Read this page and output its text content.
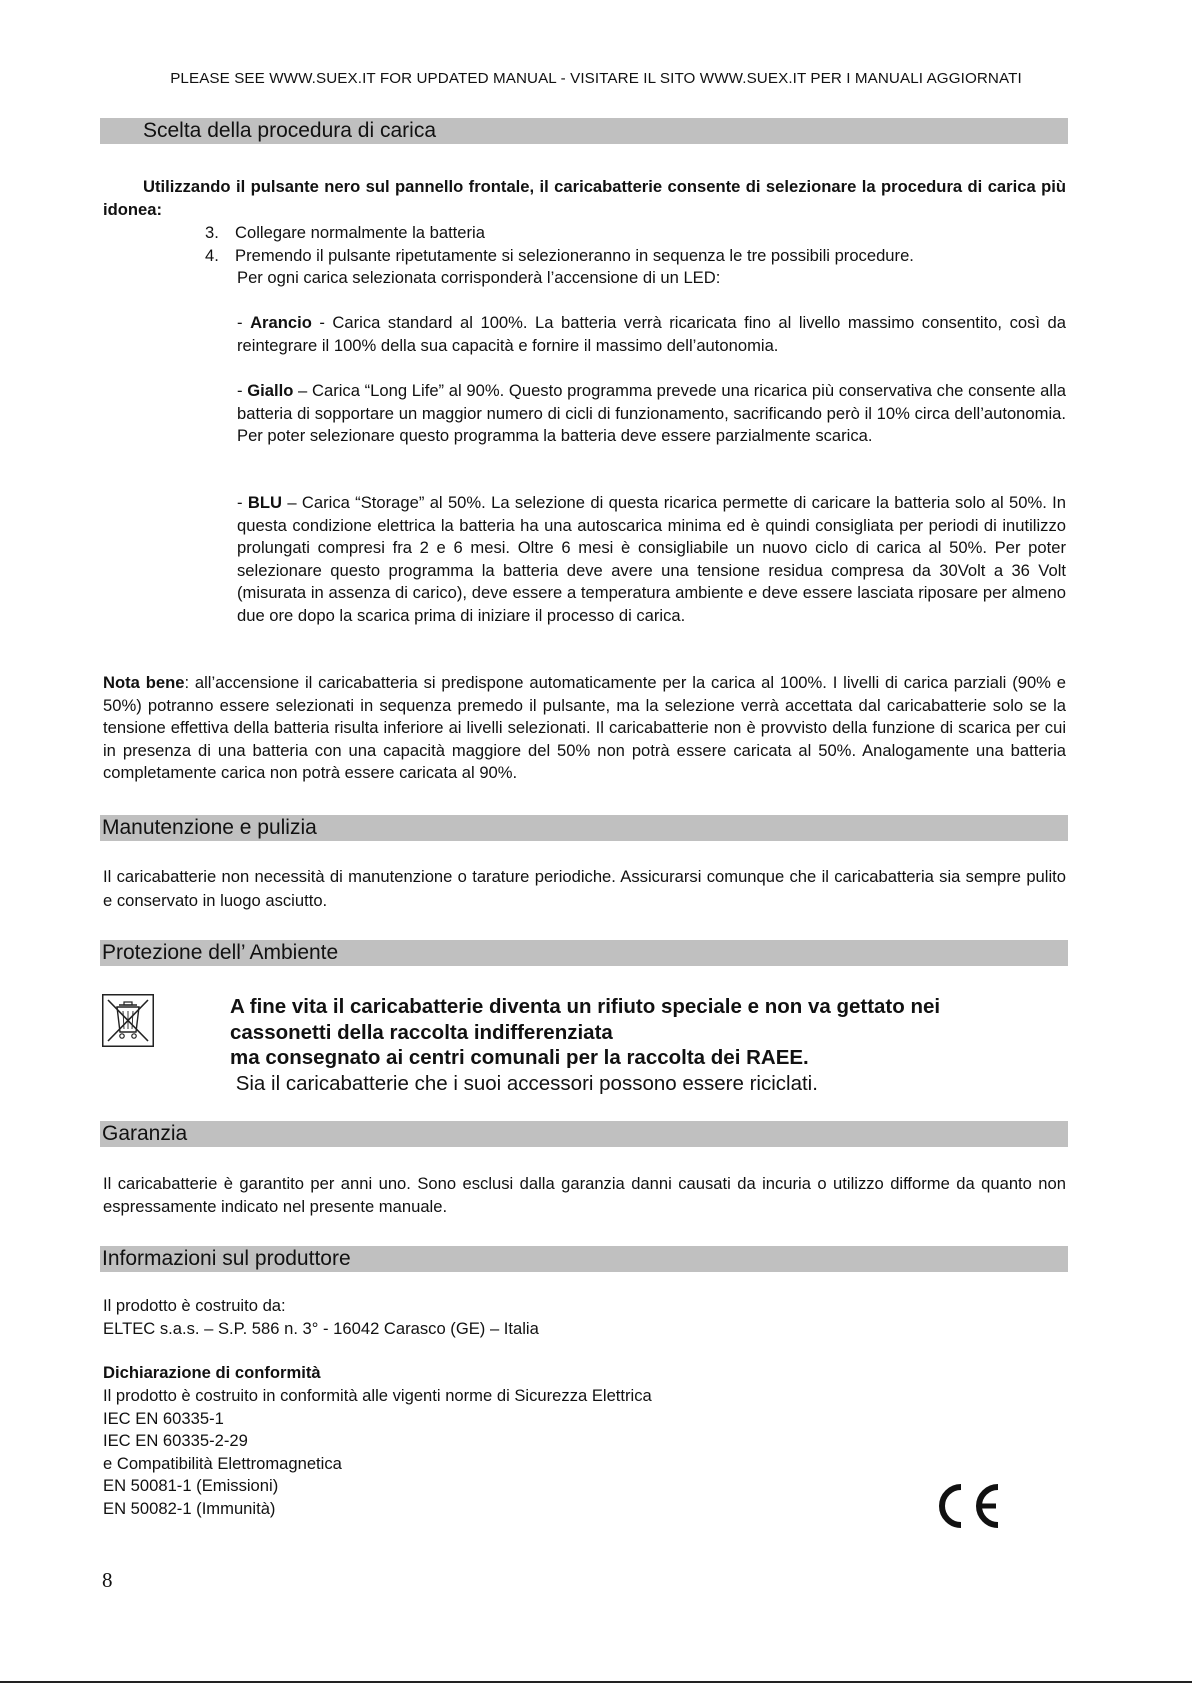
PLEASE SEE WWW.SUEX.IT FOR UPDATED MANUAL - VISITARE IL SITO WWW.SUEX.IT PER I MANUALI AGGIORNATI
Scelta della procedura di carica
Utilizzando il pulsante nero sul pannello frontale, il caricabatterie consente di selezionare la procedura di carica più idonea:
3. Collegare normalmente la batteria
4. Premendo il pulsante ripetutamente si selezioneranno in sequenza le tre possibili procedure.
Per ogni carica selezionata corrisponderà l’accensione di un LED:
- Arancio - Carica standard al 100%. La batteria verrà ricaricata fino al livello massimo consentito, così da reintegrare il 100% della sua capacità e fornire il massimo dell’autonomia.
- Giallo – Carica “Long Life” al 90%. Questo programma prevede una ricarica più conservativa che consente alla batteria di sopportare un maggior numero di cicli di funzionamento, sacrificando però il 10% circa dell’autonomia. Per poter selezionare questo programma la batteria deve essere parzialmente scarica.
- BLU – Carica “Storage” al 50%. La selezione di questa ricarica permette di caricare la batteria solo al 50%. In questa condizione elettrica la batteria ha una autoscarica minima ed è quindi consigliata per periodi di inutilizzo prolungati compresi fra 2 e 6 mesi. Oltre 6 mesi è consigliabile un nuovo ciclo di carica al 50%. Per poter selezionare questo programma la batteria deve avere una tensione residua compresa da 30Volt a 36 Volt (misurata in assenza di carico), deve essere a temperatura ambiente e deve essere lasciata riposare per almeno due ore dopo la scarica prima di iniziare il processo di carica.
Nota bene: all’accensione il caricabatteria si predispone automaticamente per la carica al 100%. I livelli di carica parziali (90% e 50%) potranno essere selezionati in sequenza premedo il pulsante, ma la selezione verrà accettata dal caricabatterie solo se la tensione effettiva della batteria risulta inferiore ai livelli selezionati. Il caricabatterie non è provvisto della funzione di scarica per cui in presenza di una batteria con una capacità maggiore del 50% non potrà essere caricata al 50%. Analogamente una batteria completamente carica non potrà essere caricata al 90%.
Manutenzione e pulizia
Il caricabatterie non necessità di manutenzione o tarature periodiche. Assicurarsi comunque che il caricabatteria sia sempre pulito e conservato in luogo asciutto.
Protezione dell’ Ambiente
A fine vita il caricabatterie diventa un rifiuto speciale e non va gettato nei
cassonetti della raccolta indifferenziata
ma consegnato ai centri comunali per la raccolta dei RAEE.
Sia il caricabatterie che i suoi accessori possono essere riciclati.
Garanzia
Il caricabatterie è garantito per anni uno. Sono esclusi dalla garanzia danni causati da incuria o utilizzo difforme da quanto non espressamente indicato nel presente manuale.
Informazioni sul produttore
Il prodotto è costruito da:
ELTEC s.a.s. – S.P. 586 n. 3° - 16042 Carasco (GE) – Italia
Dichiarazione di conformità
Il prodotto è costruito in conformità alle vigenti norme di Sicurezza Elettrica
IEC EN 60335-1
IEC EN 60335-2-29
e Compatibilità Elettromagnetica
EN 50081-1 (Emissioni)
EN 50082-1 (Immunità)
8
